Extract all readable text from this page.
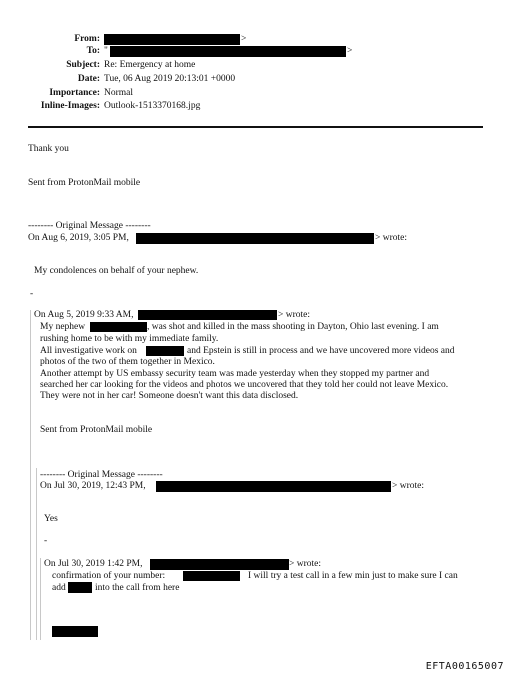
From:	>
To: "	>
Subject: Re: Emergency at home
Date: Tue, 06 Aug 2019 20:13:01 +0000
Importance: Normal
Inline-Images: Outlook-1513370168.jpg
Thank you
Sent from ProtonMail mobile
-------- Original Message --------
On Aug 6, 2019, 3:05 PM,	> wrote:
My condolences on behalf of your nephew.
-
On Aug 5, 2019 9:33 AM,	> wrote:
My nephew	, was shot and killed in the mass shooting in Dayton, Ohio last evening. I am
rushing home to be with my immediate family.
All investigative work on	and Epstein is still in process and we have uncovered more videos and
photos of the two of them together in Mexico.
Another attempt by US embassy security team was made yesterday when they stopped my partner and
searched her car looking for the videos and photos we uncovered that they told her could not leave Mexico.
They were not in her car! Someone doesn't want this data disclosed.
Sent from ProtonMail mobile
-------- Original Message --------
On Jul 30, 2019, 12:43 PM,	> wrote:
Yes
-
On Jul 30, 2019 1:42 PM,	> wrote:
confirmation of your number:	I will try a test call in a few min just to make sure I can
add	into the call from here
EFTA00165007
